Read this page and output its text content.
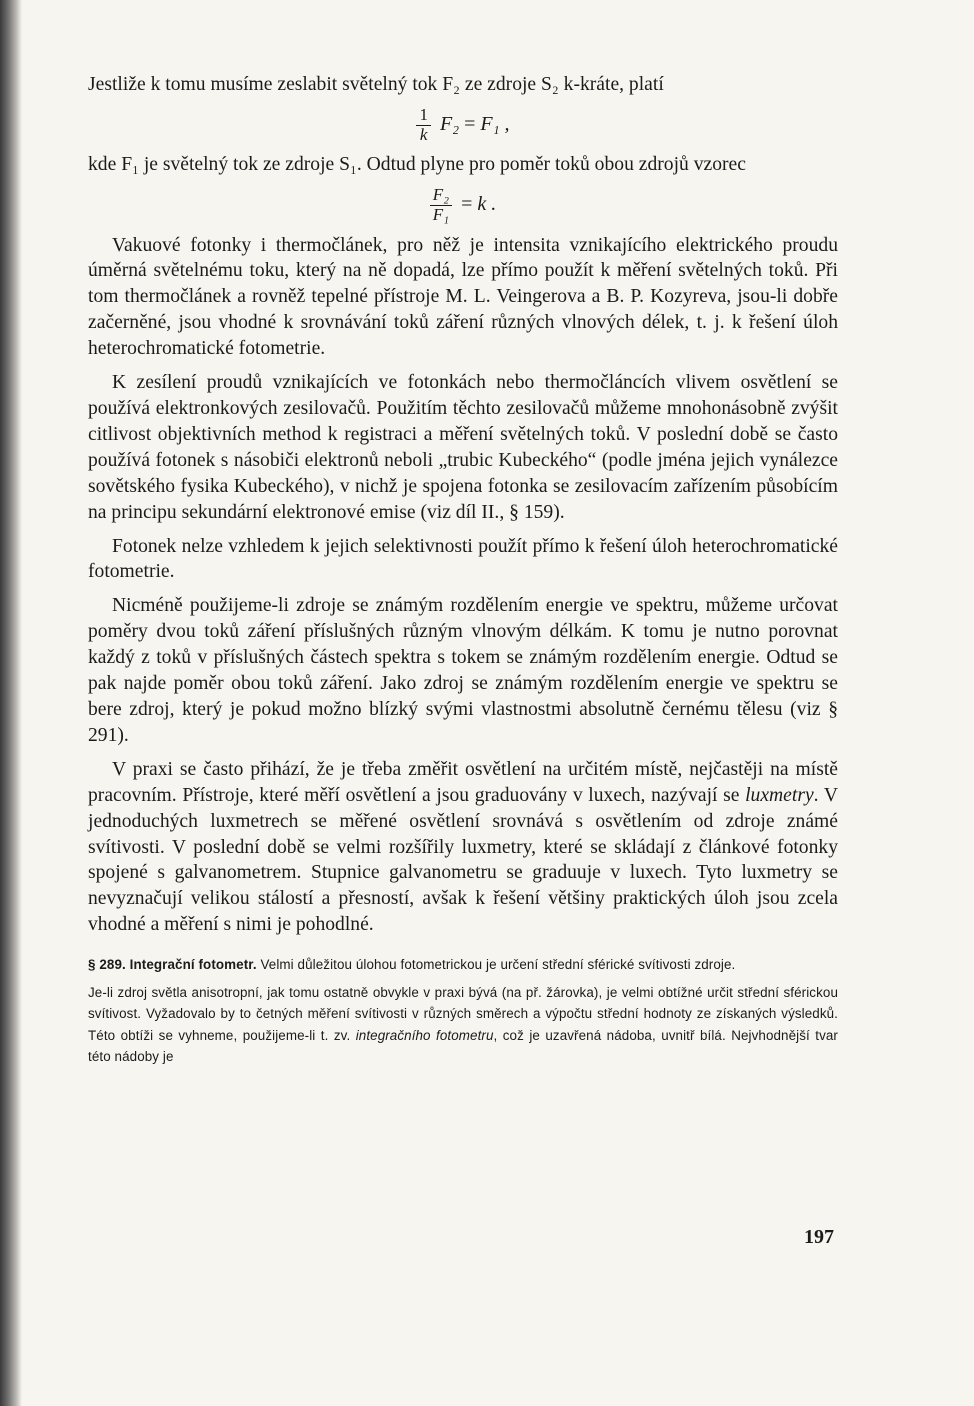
Jestliže k tomu musíme zeslabit světelný tok F₂ ze zdroje S₂ k-kráte, platí

$\frac{1}{k} F_2 = F_1$ ,

kde F₁ je světelný tok ze zdroje S₁. Odtud plyne pro poměr toků obou zdrojů vzorec

$\frac{\text{F₂}}{\text{F₁}} = k$ .

Vakuové fotonky i thermočlánek, pro něž je intensita vznikajícího elektrického proudu úměrná světelnému toku, který na ně dopadá, lze přímo použít k měření světelných toků. Při tom thermočlánek a rovněž tepelné přístroje M. L. Veingerova a B. P. Kozyreva, jsou-li dobře začerněné, jsou vhodné k srovnávání toků záření různých vlnových délek, t. j. k řešení úloh heterochromatické fotometrie.

K zesílení proudů vznikajících ve fotonkách nebo thermočláncích vlivem osvětlení se používá elektronkových zesilovačů. Použitím těchto zesilovačů můžeme mnohonásobně zvýšit citlivost objektivních method k registraci a měření světelných toků. V poslední době se často používá fotonek s násobiči elektronů neboli „trubic Kubeckého“ (podle jména jejich vynálezce sovětského fysika Kubeckého), v nichž je spojena fotonka se zesilovacím zařízením působícím na principu sekundární elektronové emise (viz díl II., § 159).

Fotonek nelze vzhledem k jejich selektivnosti použít přímo k řešení úloh heterochromatické fotometrie.

Nicméně použijeme-li zdroje se známým rozdělením energie ve spektru, můžeme určovat poměry dvou toků záření příslušných různým vlnovým délkám. K tomu je nutno porovnat každý z toků v příslušných částech spektra s tokem se známým rozdělením energie. Odtud se pak najde poměr obou toků záření. Jako zdroj se známým rozdělením energie ve spektru se bere zdroj, který je pokud možno blízký svými vlastnostmi absolutně černému tělesu (viz § 291).

V praxi se často přihází, že je třeba změřit osvětlení na určitém místě, nejčastěji na místě pracovním. Přístroje, které měří osvětlení a jsou graduovány v luxech, nazývají se luxmetry. V jednoduchých luxmetrech se měřené osvětlení srovnává s osvětlením od zdroje známé svítivosti. V poslední době se velmi rozšířily luxmetry, které se skládají z článkové fotonky spojené s galvanometrem. Stupnice galvanometru se graduuje v luxech. Tyto luxmetry se nevyznačují velikou stálostí a přesností, avšak k řešení většiny praktických úloh jsou zcela vhodné a měření s nimi je pohodlné.

§ 289. Integrační fotometr. Velmi důležitou úlohou fotometrickou je určení střední sférické svítivosti zdroje.

Je-li zdroj světla anisotropní, jak tomu ostatně obvykle v praxi bývá (na př. žárovka), je velmi obtížné určit střední sférickou svítivost. Vyžadovalo by to četných měření svítivosti v různých směrech a výpočtu střední hodnoty ze získaných výsledků. Této obtíži se vyhneme, použijeme-li t. zv. integračního fotometru, což je uzavřená nádoba, uvnitř bílá. Nejvhodnější tvar této nádoby je

197
